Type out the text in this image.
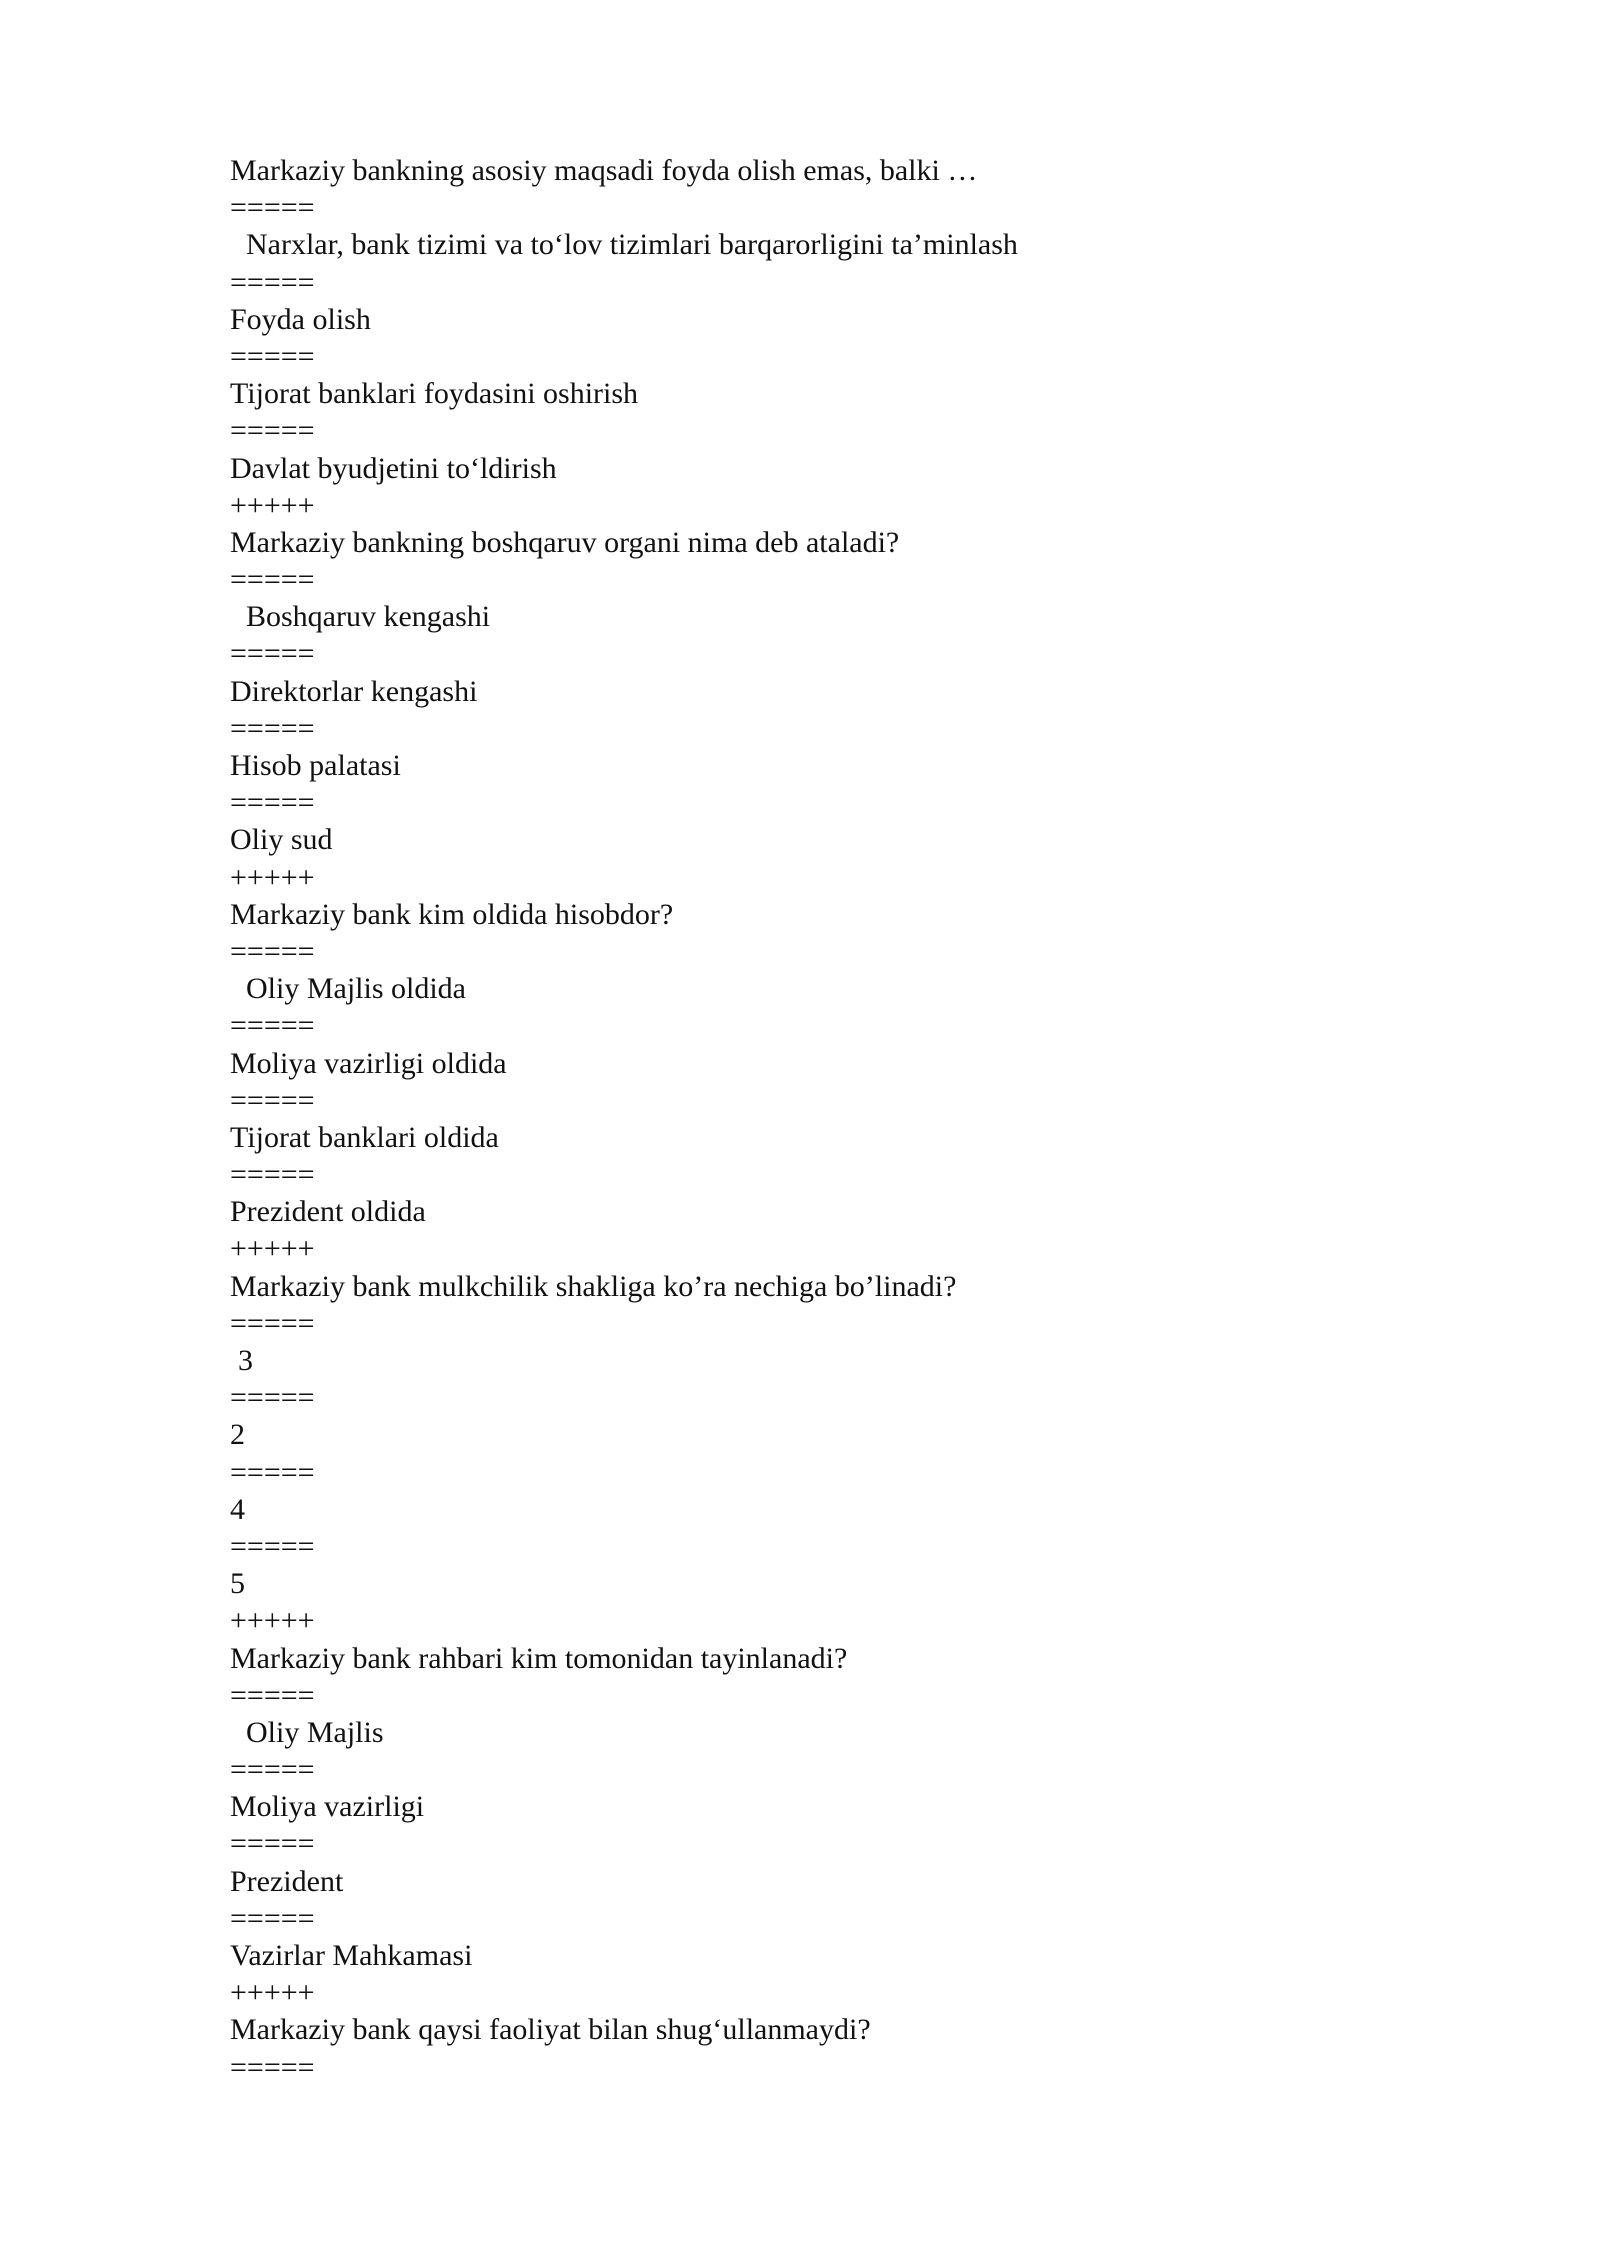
Markaziy bankning asosiy maqsadi foyda olish emas, balki …
=====
Narxlar, bank tizimi va to‘lov tizimlari barqarorligini ta’minlash
=====
Foyda olish
=====
Tijorat banklari foydasini oshirish
=====
Davlat byudjetini to‘ldirish
+++++
Markaziy bankning boshqaruv organi nima deb ataladi?
=====
Boshqaruv kengashi
=====
Direktorlar kengashi
=====
Hisob palatasi
=====
Oliy sud
+++++
Markaziy bank kim oldida hisobdor?
=====
Oliy Majlis oldida
=====
Moliya vazirligi oldida
=====
Tijorat banklari oldida
=====
Prezident oldida
+++++
Markaziy bank mulkchilik shakliga ko’ra nechiga bo’linadi?
=====
3
=====
2
=====
4
=====
5
+++++
Markaziy bank rahbari kim tomonidan tayinlanadi?
=====
Oliy Majlis
=====
Moliya vazirligi
=====
Prezident
=====
Vazirlar Mahkamasi
+++++
Markaziy bank qaysi faoliyat bilan shug‘ullanmaydi?
=====
